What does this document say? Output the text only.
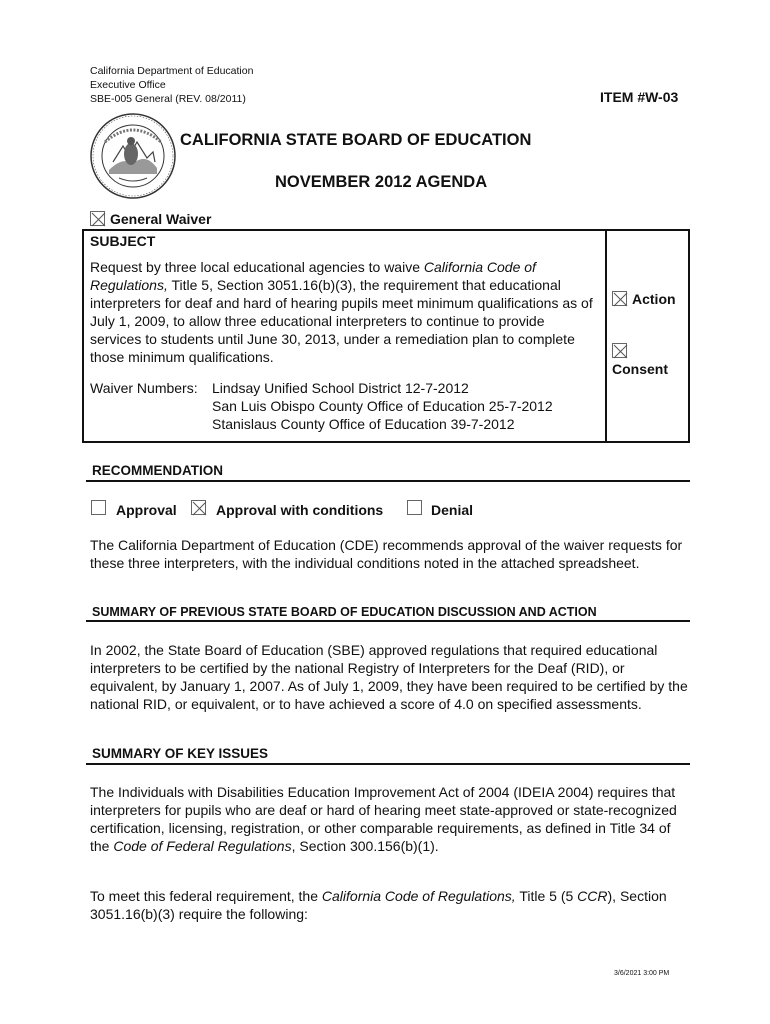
California Department of Education
Executive Office
SBE-005 General (REV. 08/2011)	ITEM #W-03
CALIFORNIA STATE BOARD OF EDUCATION
NOVEMBER 2012 AGENDA
General Waiver
SUBJECT
Request by three local educational agencies to waive California Code of Regulations, Title 5, Section 3051.16(b)(3), the requirement that educational interpreters for deaf and hard of hearing pupils meet minimum qualifications as of July 1, 2009, to allow three educational interpreters to continue to provide services to students until June 30, 2013, under a remediation plan to complete those minimum qualifications.
Waiver Numbers: Lindsay Unified School District 12-7-2012
San Luis Obispo County Office of Education 25-7-2012
Stanislaus County Office of Education 39-7-2012
Action
Consent
RECOMMENDATION
Approval	Approval with conditions	Denial
The California Department of Education (CDE) recommends approval of the waiver requests for these three interpreters, with the individual conditions noted in the attached spreadsheet.
SUMMARY OF PREVIOUS STATE BOARD OF EDUCATION DISCUSSION AND ACTION
In 2002, the State Board of Education (SBE) approved regulations that required educational interpreters to be certified by the national Registry of Interpreters for the Deaf (RID), or equivalent, by January 1, 2007. As of July 1, 2009, they have been required to be certified by the national RID, or equivalent, or to have achieved a score of 4.0 on specified assessments.
SUMMARY OF KEY ISSUES
The Individuals with Disabilities Education Improvement Act of 2004 (IDEIA 2004) requires that interpreters for pupils who are deaf or hard of hearing meet state-approved or state-recognized certification, licensing, registration, or other comparable requirements, as defined in Title 34 of the Code of Federal Regulations, Section 300.156(b)(1).
To meet this federal requirement, the California Code of Regulations, Title 5 (5 CCR), Section 3051.16(b)(3) require the following:
3/6/2021 3:00 PM
